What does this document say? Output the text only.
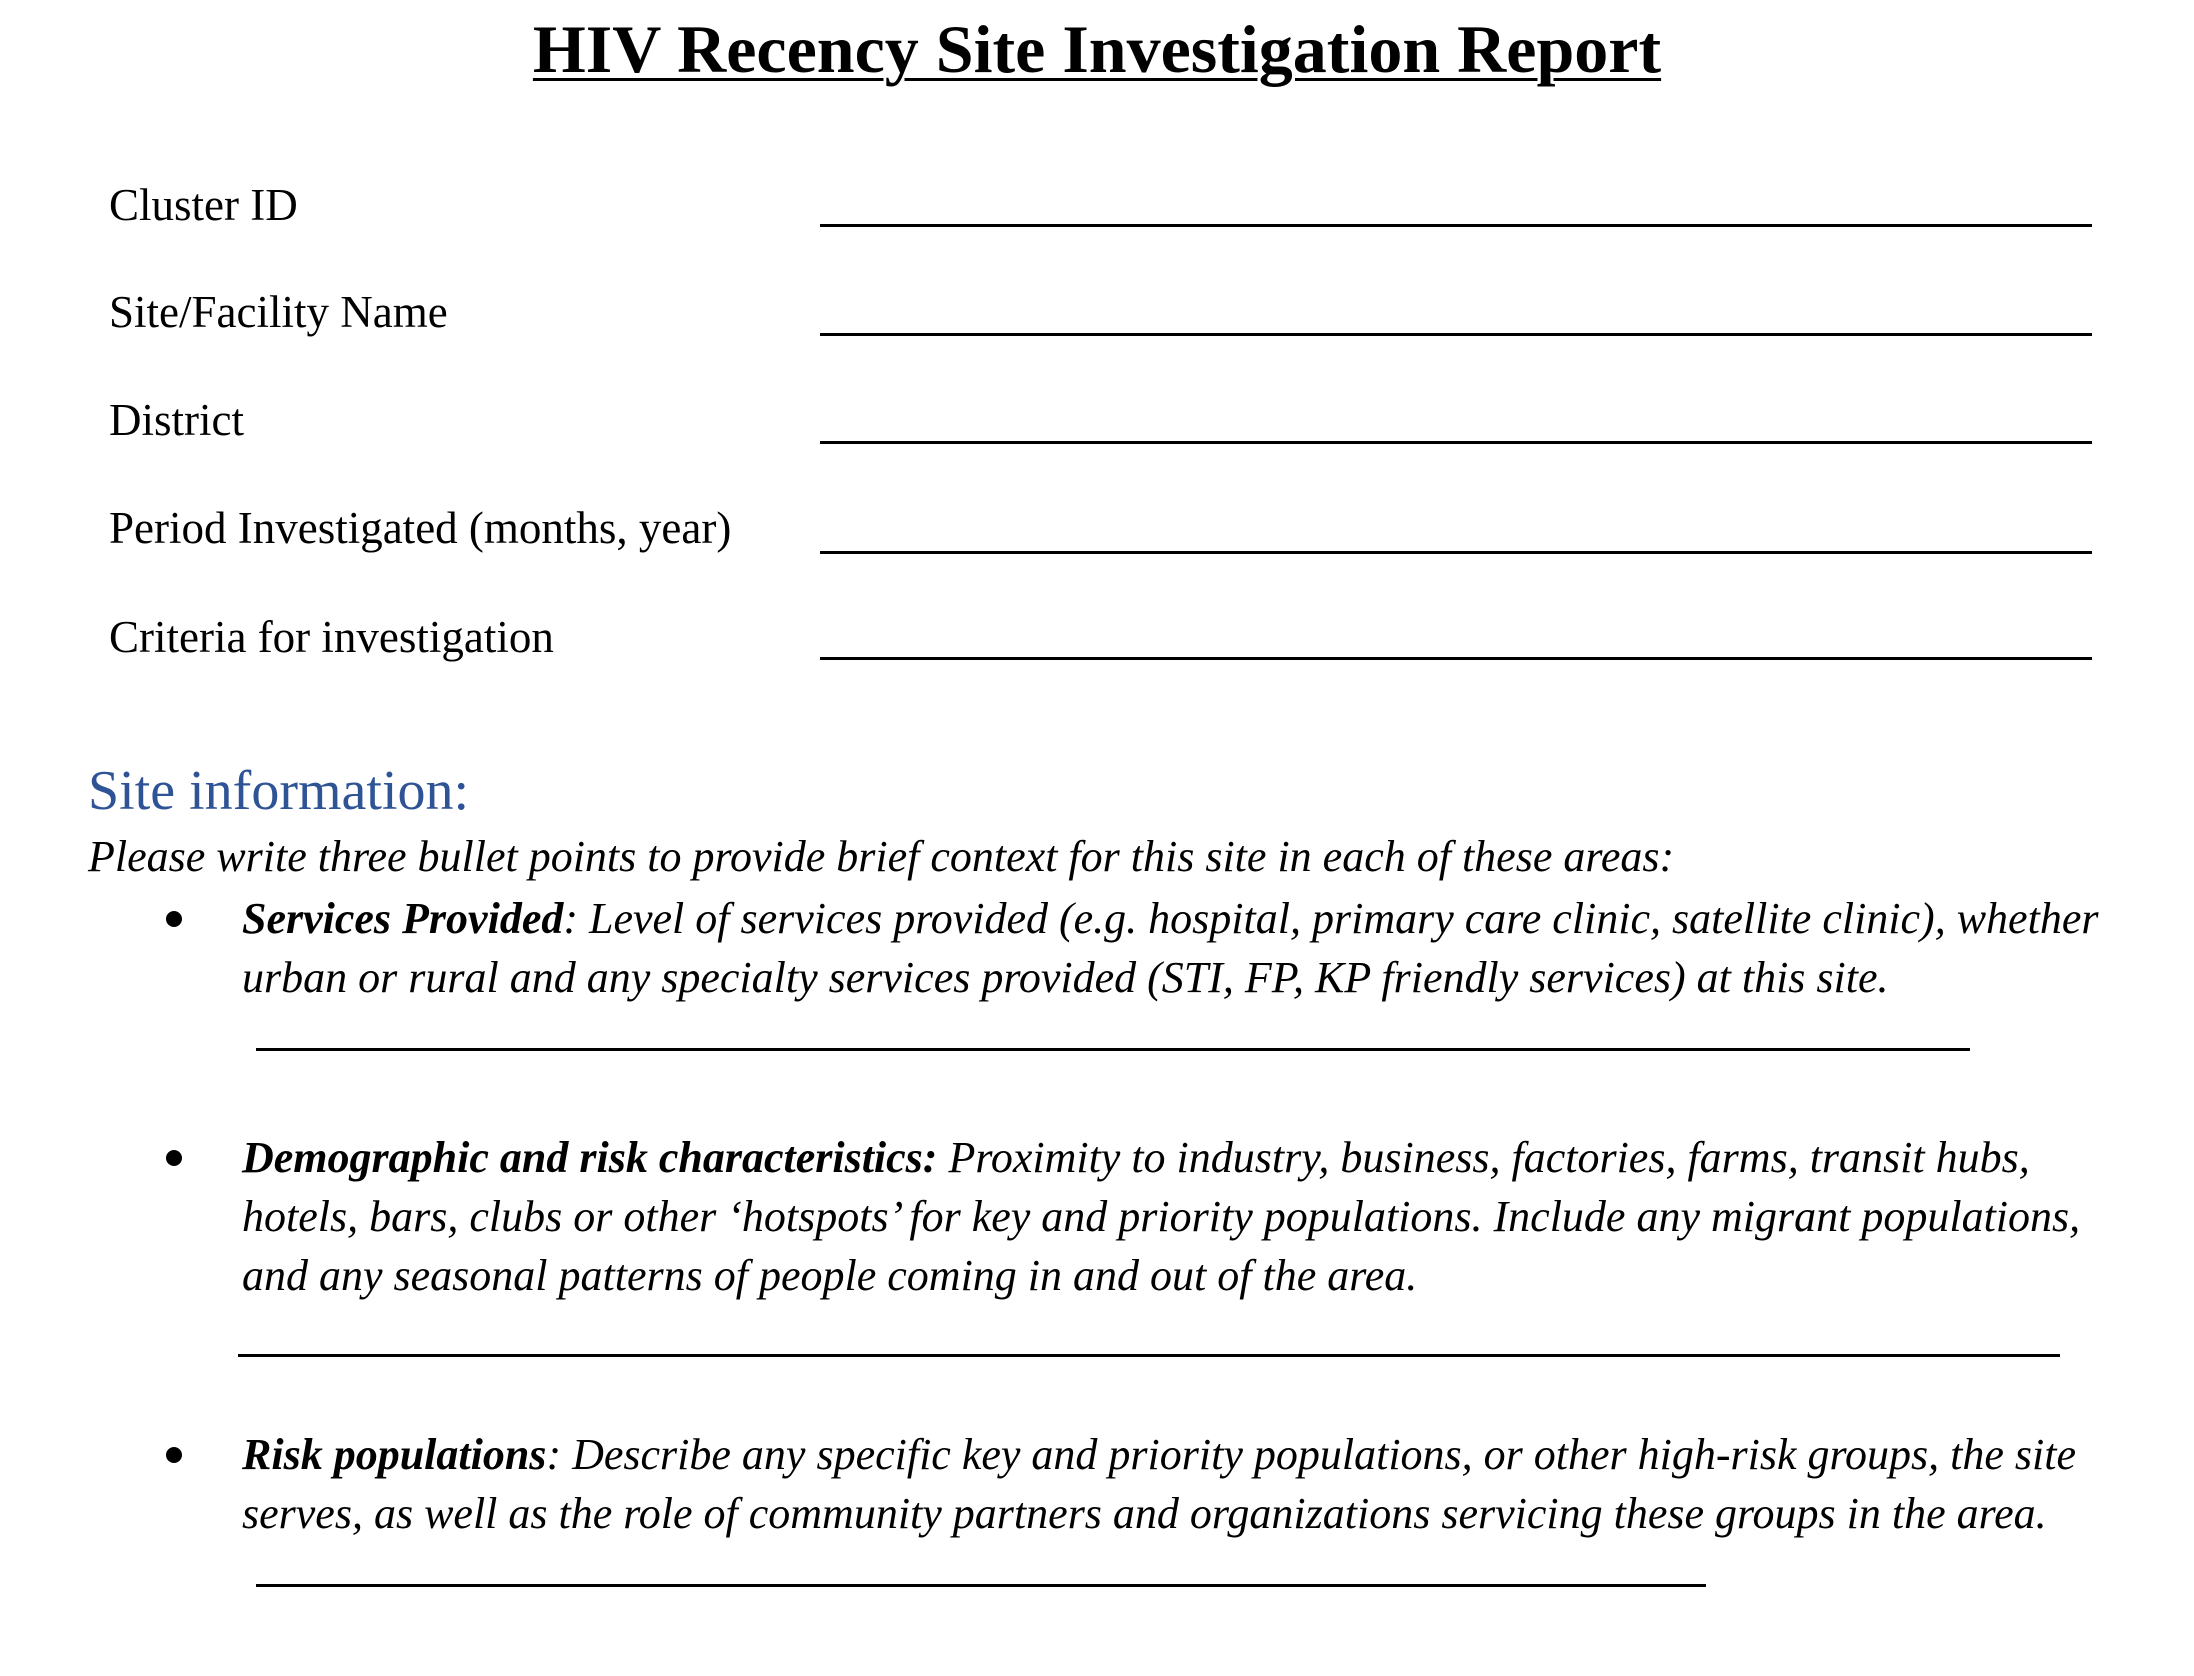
HIV Recency Site Investigation Report
Cluster ID
Site/Facility Name
District
Period Investigated (months, year)
Criteria for investigation
Site information:
Please write three bullet points to provide brief context for this site in each of these areas:
Services Provided: Level of services provided (e.g. hospital, primary care clinic, satellite clinic), whether urban or rural and any specialty services provided (STI, FP, KP friendly services) at this site.
Demographic and risk characteristics: Proximity to industry, business, factories, farms, transit hubs, hotels, bars, clubs or other ‘hotspots’ for key and priority populations. Include any migrant populations, and any seasonal patterns of people coming in and out of the area.
Risk populations: Describe any specific key and priority populations, or other high-risk groups, the site serves, as well as the role of community partners and organizations servicing these groups in the area.
